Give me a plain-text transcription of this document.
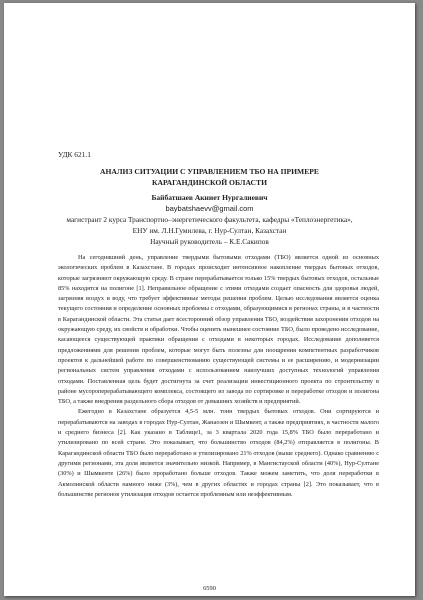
УДК 621.1
АНАЛИЗ СИТУАЦИИ С УПРАВЛЕНИЕМ ТБО НА ПРИМЕРЕ
КАРАГАНДИНСКОЙ ОБЛАСТИ
Байбатшаев Акниет Нургалиевич
baybatshaevv@gmail.com
магистрант 2 курса Транспортно–энергетического факультета, кафедры «Теплоэнергетика»,
ЕНУ им. Л.Н.Гумилева, г. Нур-Султан, Казахстан
Научный руководитель – К.Е.Сакипов

На сегодняшний день, управление твердыми бытовыми отходами (ТБО) является одной из основных экологических проблем в Казахстане. В городах происходит интенсивное накопление твердых бытовых отходов, которые загрязняют окружающую среду. В стране перерабатывается только 15% твердых бытовых отходов, остальные 85% находятся на полигоне [1]. Неправильное обращение с этими отходами создает опасность для здоровья людей, загрязняя воздух и воду, что требует эффективные методы решения проблем. Целью исследования является оценка текущего состояния и определение основных проблемы с отходами, образующимися в регионах страны, и в частности в Карагандинской области. Эта статья дает всесторонний обзор управления ТБО, воздействия захоронения отходов на окружающую среду, их свойств и обработки. Чтобы оценить нынешнее состояние ТБО, было проведено исследование, касающееся существующей практики обращения с отходами в некоторых городах. Исследование дополняется предложениями для решения проблем, которые могут быть полезны для поощрения компетентных разработчиков проектов к дальнейшей работе по совершенствованию существующей системы и ее расширению, и модернизации региональных систем управления отходами с использованием наилучших доступных технологий управления отходами. Поставленная цель будет достигнута за счет реализации инвестиционного проекта по строительству в районе мусороперерабатывающего комплекса, состоящего из завода по сортировке и переработке отходов и полигона ТБО, а также внедрения раздельного сбора отходов от домашних хозяйств и предприятий.

Ежегодно в Казахстане образуется 4,5-5 млн. тонн твердых бытовых отходов. Они сортируются и перерабатываются на заводах в городах Нур-Султан, Жанаозен и Шымкент, а также предприятиях, в частности малого и среднего бизнеса [2]. Как указано в Таблице1, за 3 квартала 2020 года 15,8% ТБО было переработано и утилизировано по всей стране. Это показывает, что большинство отходов (84,2%) отправляется в полигоны. В Карагандинской области ТБО было переработано и утилизировано 21% отходов (выше среднего). Однако сравнению с другими регионами, эта доля является значительно низкой. Например, в Мангистауской области (40%), Нур-Султане (30%) и Шымкенте (26%) было проработано больше отходов. Также можем заметить, что доля переработки в Акмолинской области намного ниже (3%), чем в других областях и городах страны [2]. Это показывает, что в большинстве регионов утилизация отходов остается проблемным или неэффективным.

6590
